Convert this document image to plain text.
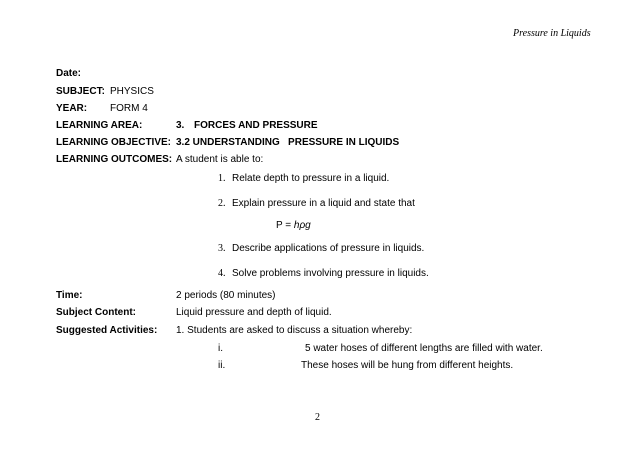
Pressure in Liquids
Date:
SUBJECT: PHYSICS
YEAR: FORM 4
LEARNING AREA:	3. FORCES AND PRESSURE
LEARNING OBJECTIVE: 3.2 UNDERSTANDING   PRESSURE IN LIQUIDS
LEARNING OUTCOMES: A student is able to:
1. Relate depth to pressure in a liquid.
2. Explain pressure in a liquid and state that
P = hρg
3. Describe applications of pressure in liquids.
4. Solve problems involving pressure in liquids.
Time:	2 periods (80 minutes)
Subject Content:	Liquid pressure and depth of liquid.
Suggested Activities: 1. Students are asked to discuss a situation whereby:
i.	5 water hoses of different lengths are filled with water.
ii.	These hoses will be hung from different heights.
2
